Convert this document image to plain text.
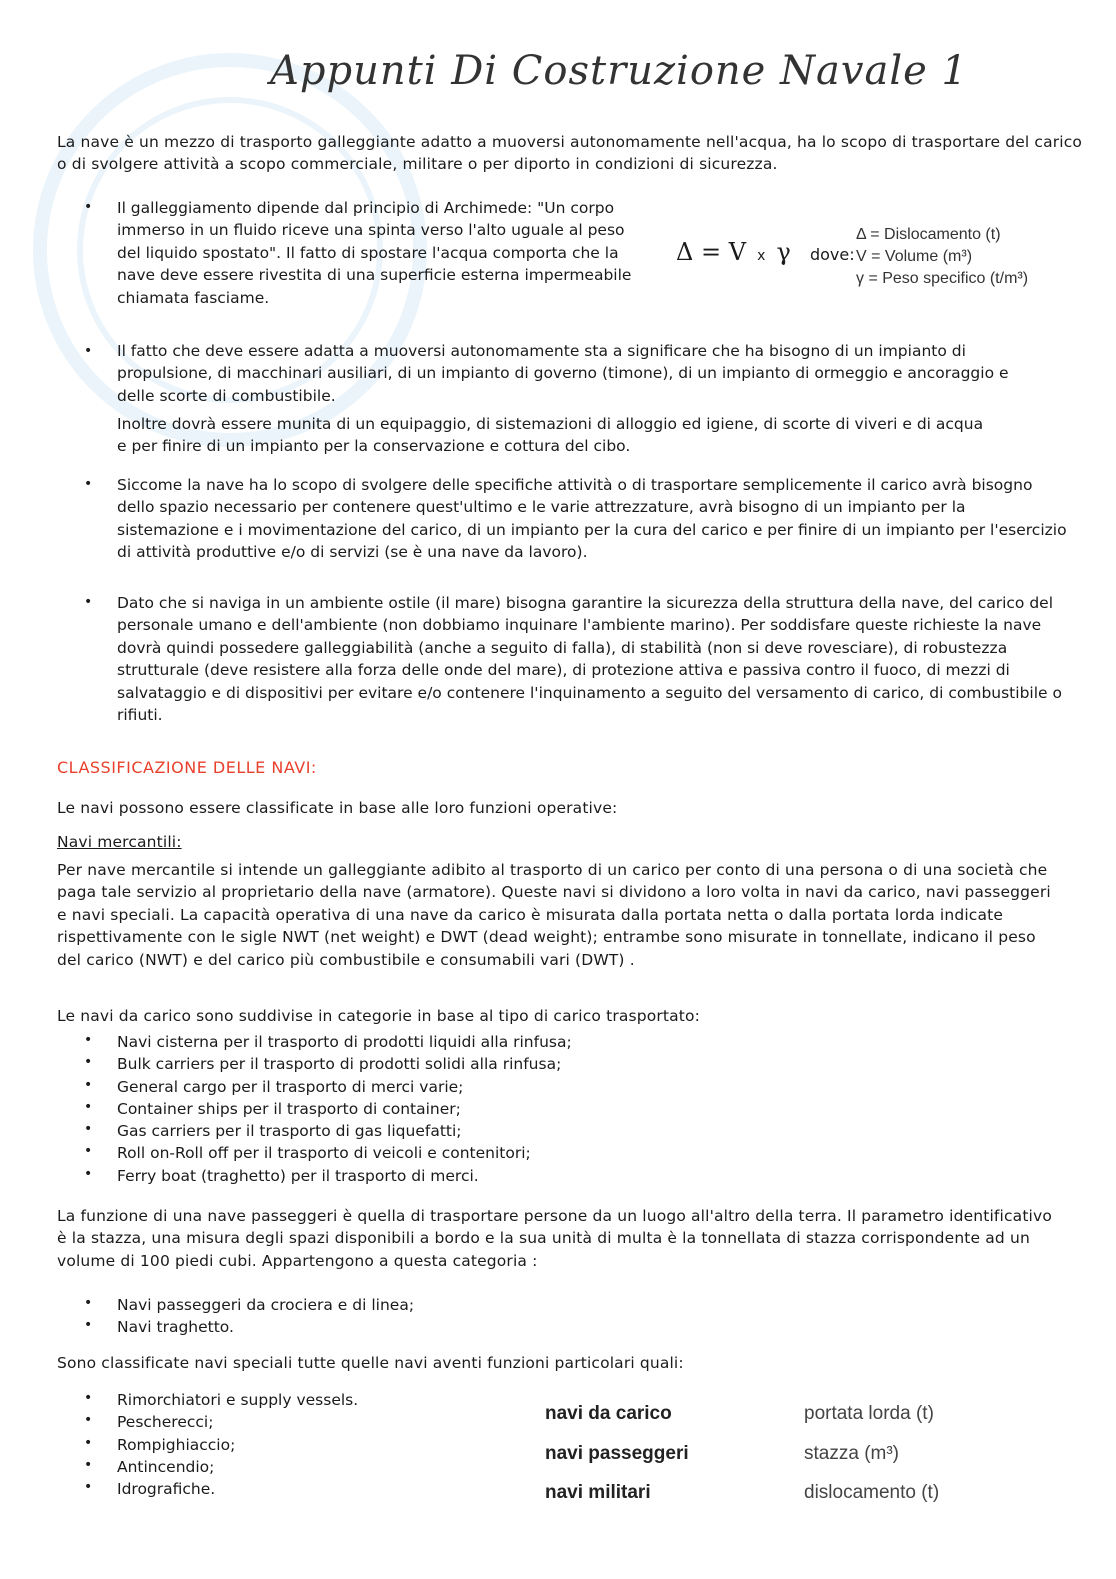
Appunti Di Costruzione Navale 1
La nave è un mezzo di trasporto galleggiante adatto a muoversi autonomamente nell'acqua, ha lo scopo di trasportare del carico o di svolgere attività a scopo commerciale, militare o per diporto in condizioni di sicurezza.
• Il galleggiamento dipende dal principio di Archimede: "Un corpo immerso in un fluido riceve una spinta verso l'alto uguale al peso del liquido spostato". Il fatto di spostare l'acqua comporta che la nave deve essere rivestita di una superficie esterna impermeabile chiamata fasciame.
Δ = V x γ dove:
Δ = Dislocamento (t)
V = Volume (m³)
γ = Peso specifico (t/m³)
• Il fatto che deve essere adatta a muoversi autonomamente sta a significare che ha bisogno di un impianto di propulsione, di macchinari ausiliari, di un impianto di governo (timone), di un impianto di ormeggio e ancoraggio e delle scorte di combustibile.
Inoltre dovrà essere munita di un equipaggio, di sistemazioni di alloggio ed igiene, di scorte di viveri e di acqua e per finire di un impianto per la conservazione e cottura del cibo.
• Siccome la nave ha lo scopo di svolgere delle specifiche attività o di trasportare semplicemente il carico avrà bisogno dello spazio necessario per contenere quest'ultimo e le varie attrezzature, avrà bisogno di un impianto per la sistemazione e i movimentazione del carico, di un impianto per la cura del carico e per finire di un impianto per l'esercizio di attività produttive e/o di servizi (se è una nave da lavoro).
• Dato che si naviga in un ambiente ostile (il mare) bisogna garantire la sicurezza della struttura della nave, del carico del personale umano e dell'ambiente (non dobbiamo inquinare l'ambiente marino). Per soddisfare queste richieste la nave dovrà quindi possedere galleggiabilità (anche a seguito di falla), di stabilità (non si deve rovesciare), di robustezza strutturale (deve resistere alla forza delle onde del mare), di protezione attiva e passiva contro il fuoco, di mezzi di salvataggio e di dispositivi per evitare e/o contenere l'inquinamento a seguito del versamento di carico, di combustibile o rifiuti.
CLASSIFICAZIONE DELLE NAVI:
Le navi possono essere classificate in base alle loro funzioni operative:
Navi mercantili:
Per nave mercantile si intende un galleggiante adibito al trasporto di un carico per conto di una persona o di una società che paga tale servizio al proprietario della nave (armatore). Queste navi si dividono a loro volta in navi da carico, navi passeggeri e navi speciali. La capacità operativa di una nave da carico è misurata dalla portata netta o dalla portata lorda indicate rispettivamente con le sigle NWT (net weight) e DWT (dead weight); entrambe sono misurate in tonnellate, indicano il peso del carico (NWT) e del carico più combustibile e consumabili vari (DWT) .
Le navi da carico sono suddivise in categorie in base al tipo di carico trasportato:
• Navi cisterna per il trasporto di prodotti liquidi alla rinfusa;
• Bulk carriers per il trasporto di prodotti solidi alla rinfusa;
• General cargo per il trasporto di merci varie;
• Container ships per il trasporto di container;
• Gas carriers per il trasporto di gas liquefatti;
• Roll on-Roll off per il trasporto di veicoli e contenitori;
• Ferry boat (traghetto) per il trasporto di merci.
La funzione di una nave passeggeri è quella di trasportare persone da un luogo all'altro della terra. Il parametro identificativo è la stazza, una misura degli spazi disponibili a bordo e la sua unità di multa è la tonnellata di stazza corrispondente ad un volume di 100 piedi cubi. Appartengono a questa categoria :
• Navi passeggeri da crociera e di linea;
• Navi traghetto.
Sono classificate navi speciali tutte quelle navi aventi funzioni particolari quali:
• Rimorchiatori e supply vessels.
• Pescherecci;
• Rompighiaccio;
• Antincendio;
• Idrografiche.
navi da carico	portata lorda (t)
navi passeggeri	stazza (m³)
navi militari	dislocamento (t)
